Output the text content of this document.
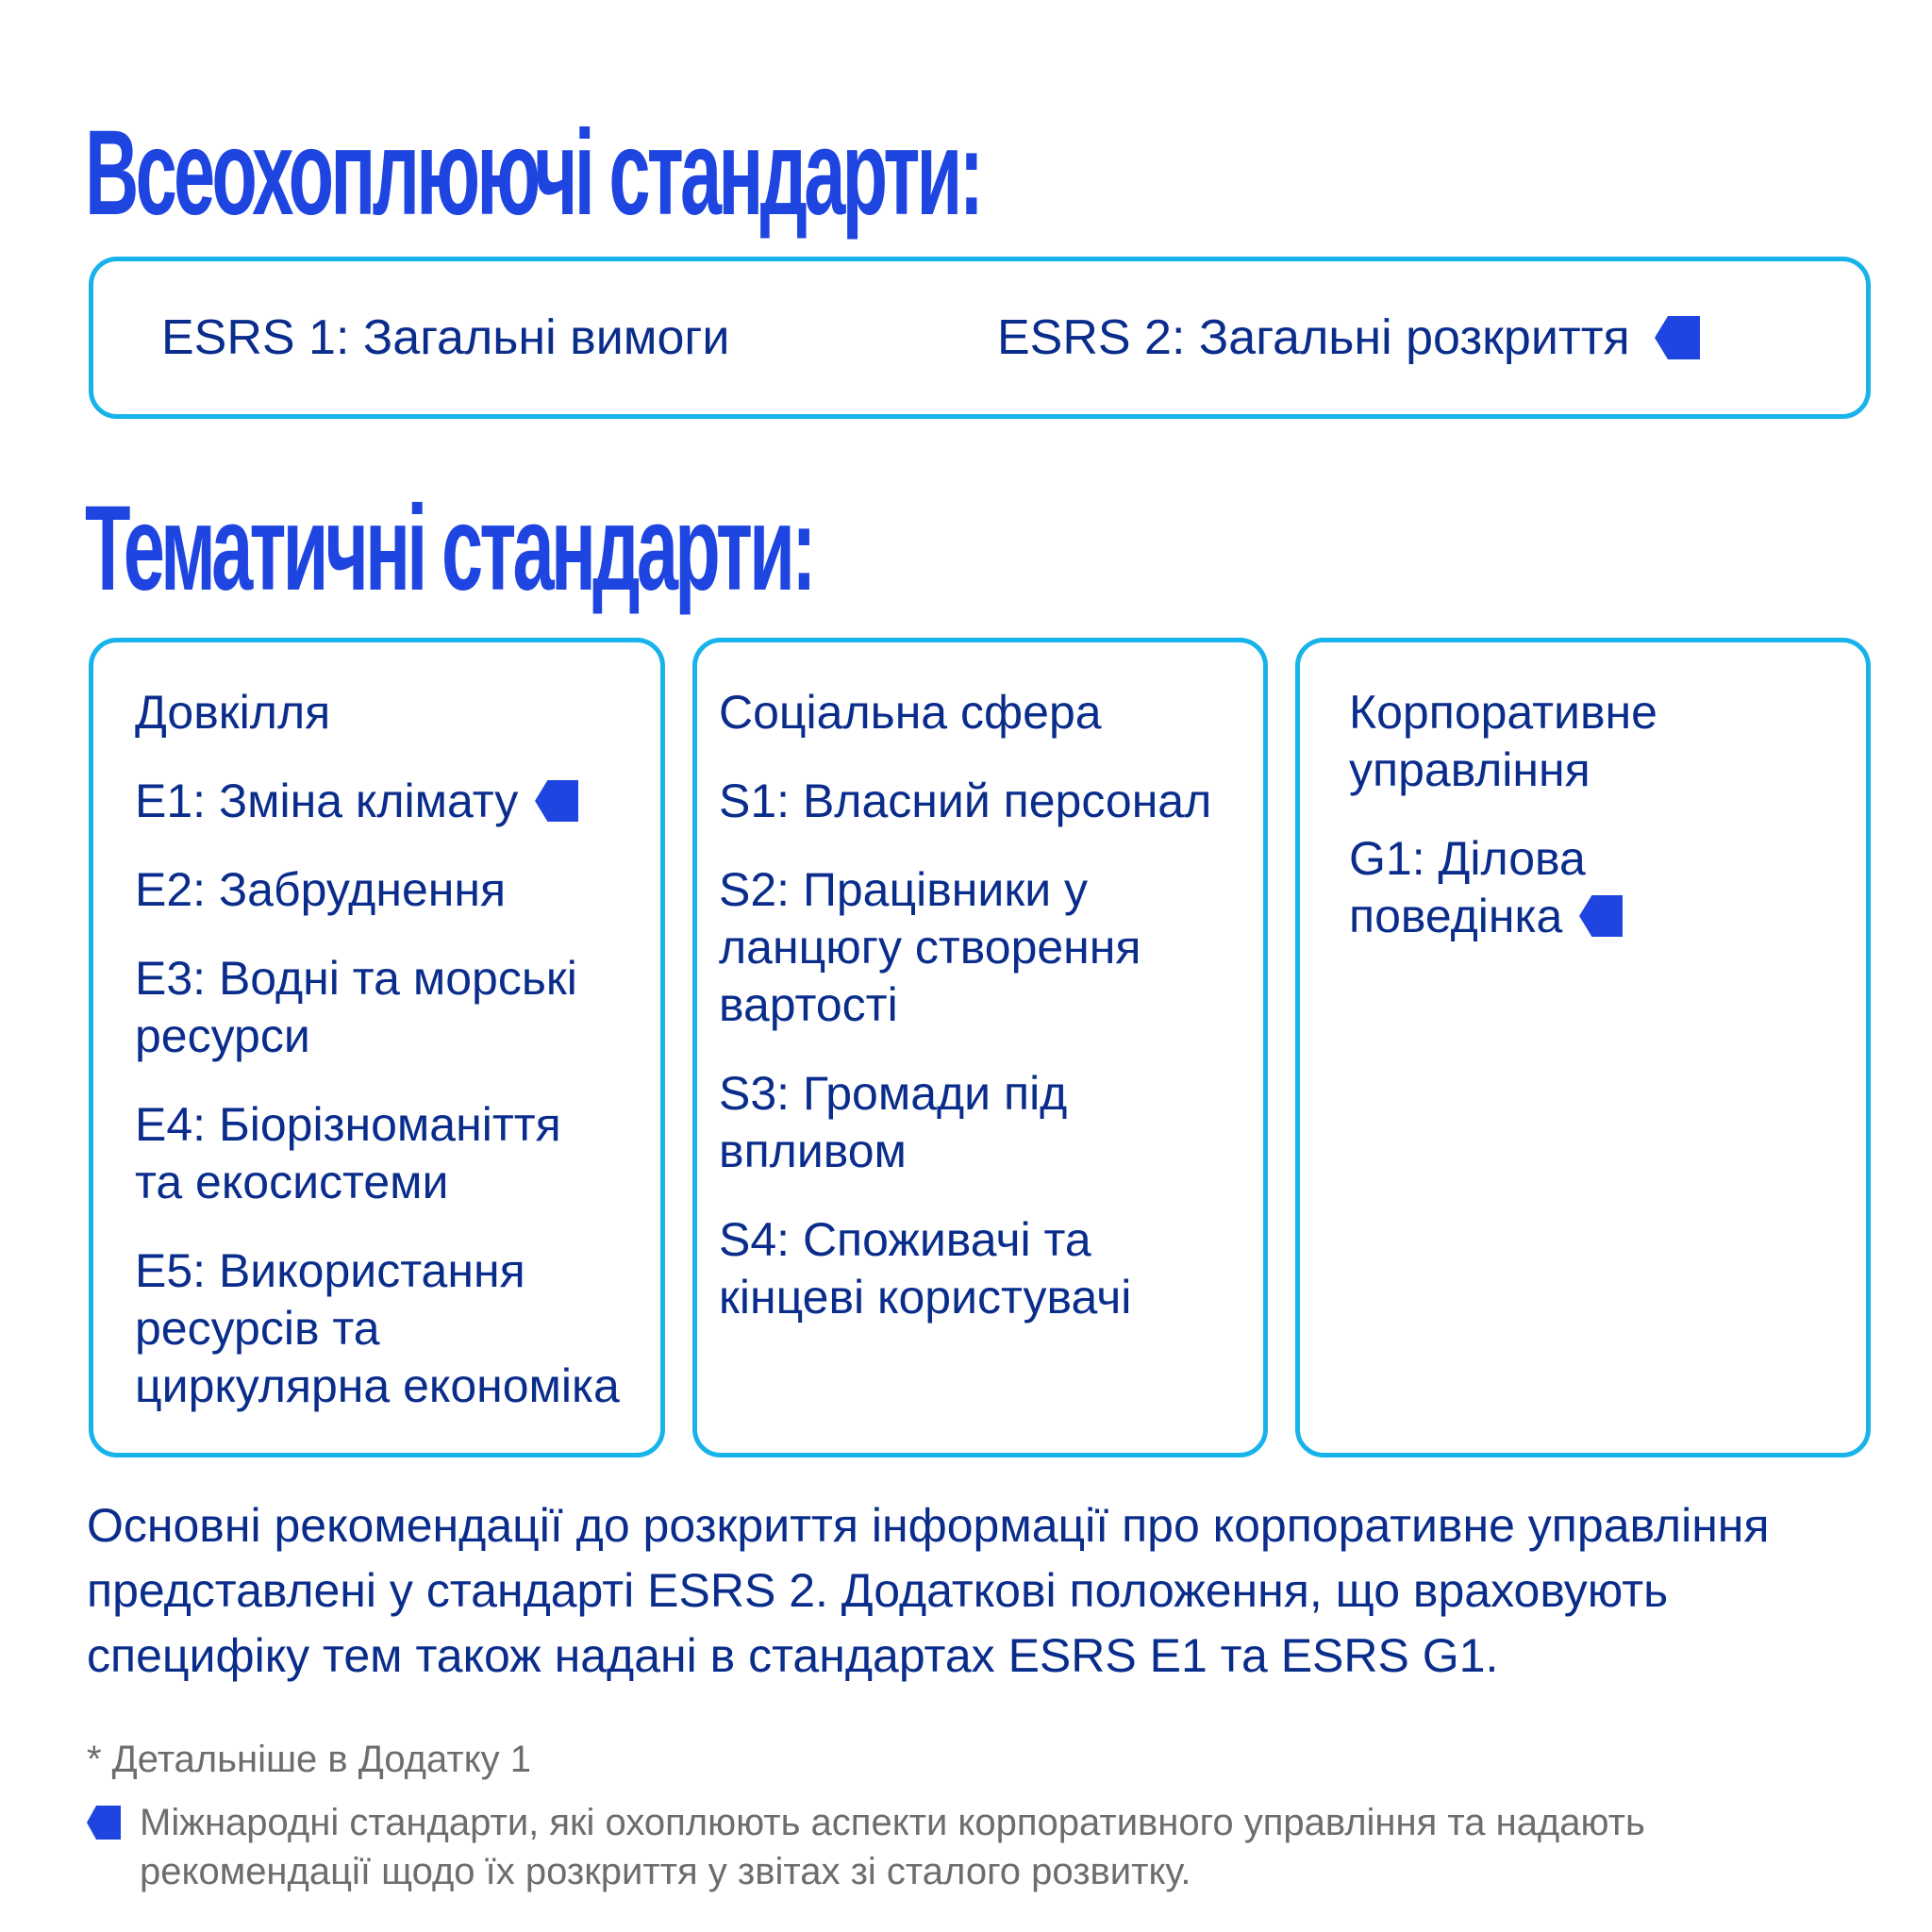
Всеохоплюючі стандарти:
ESRS 1: Загальні вимоги	ESRS 2: Загальні розкриття
Тематичні стандарти:

Довкілля

E1: Зміна клімату

E2: Забруднення

E3: Водні та морські ресурси

E4: Біорізноманіття та екосистеми

E5: Використання ресурсів та циркулярна економіка

Соціальна сфера

S1: Власний персонал

S2: Працівники у ланцюгу створення вартості

S3: Громади під впливом

S4: Споживачі та кінцеві користувачі

Корпоративне управління

G1: Ділова поведінка

Основні рекомендації до розкриття інформації про корпоративне управління представлені у стандарті ESRS 2. Додаткові положення, що враховують специфіку тем також надані в стандартах ESRS E1 та ESRS G1.

* Детальніше в Додатку 1

Міжнародні стандарти, які охоплюють аспекти корпоративного управління та надають рекомендації щодо їх розкриття у звітах зі сталого розвитку.
